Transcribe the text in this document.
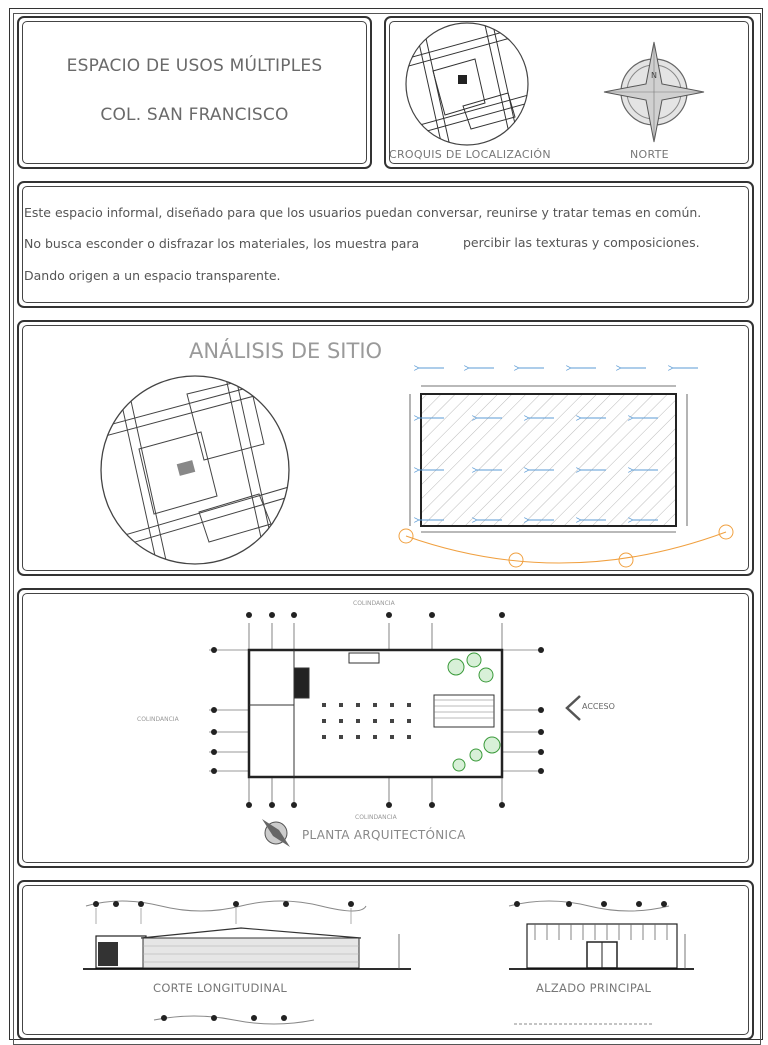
ESPACIO DE USOS MÚLTIPLES
COL. SAN FRANCISCO
N
CROQUIS DE LOCALIZACIÓN	NORTE
Este espacio informal, diseñado para que los usuarios puedan conversar, reunirse y tratar temas en común.
No busca esconder o disfrazar los materiales, los muestra para	percibir las texturas y composiciones.
Dando origen a un espacio transparente.
ANÁLISIS DE SITIO
COLINDANCIA
COLINDANCIA
COLINDANCIA
ACCESO
PLANTA ARQUITECTÓNICA
CORTE LONGITUDINAL	ALZADO PRINCIPAL
